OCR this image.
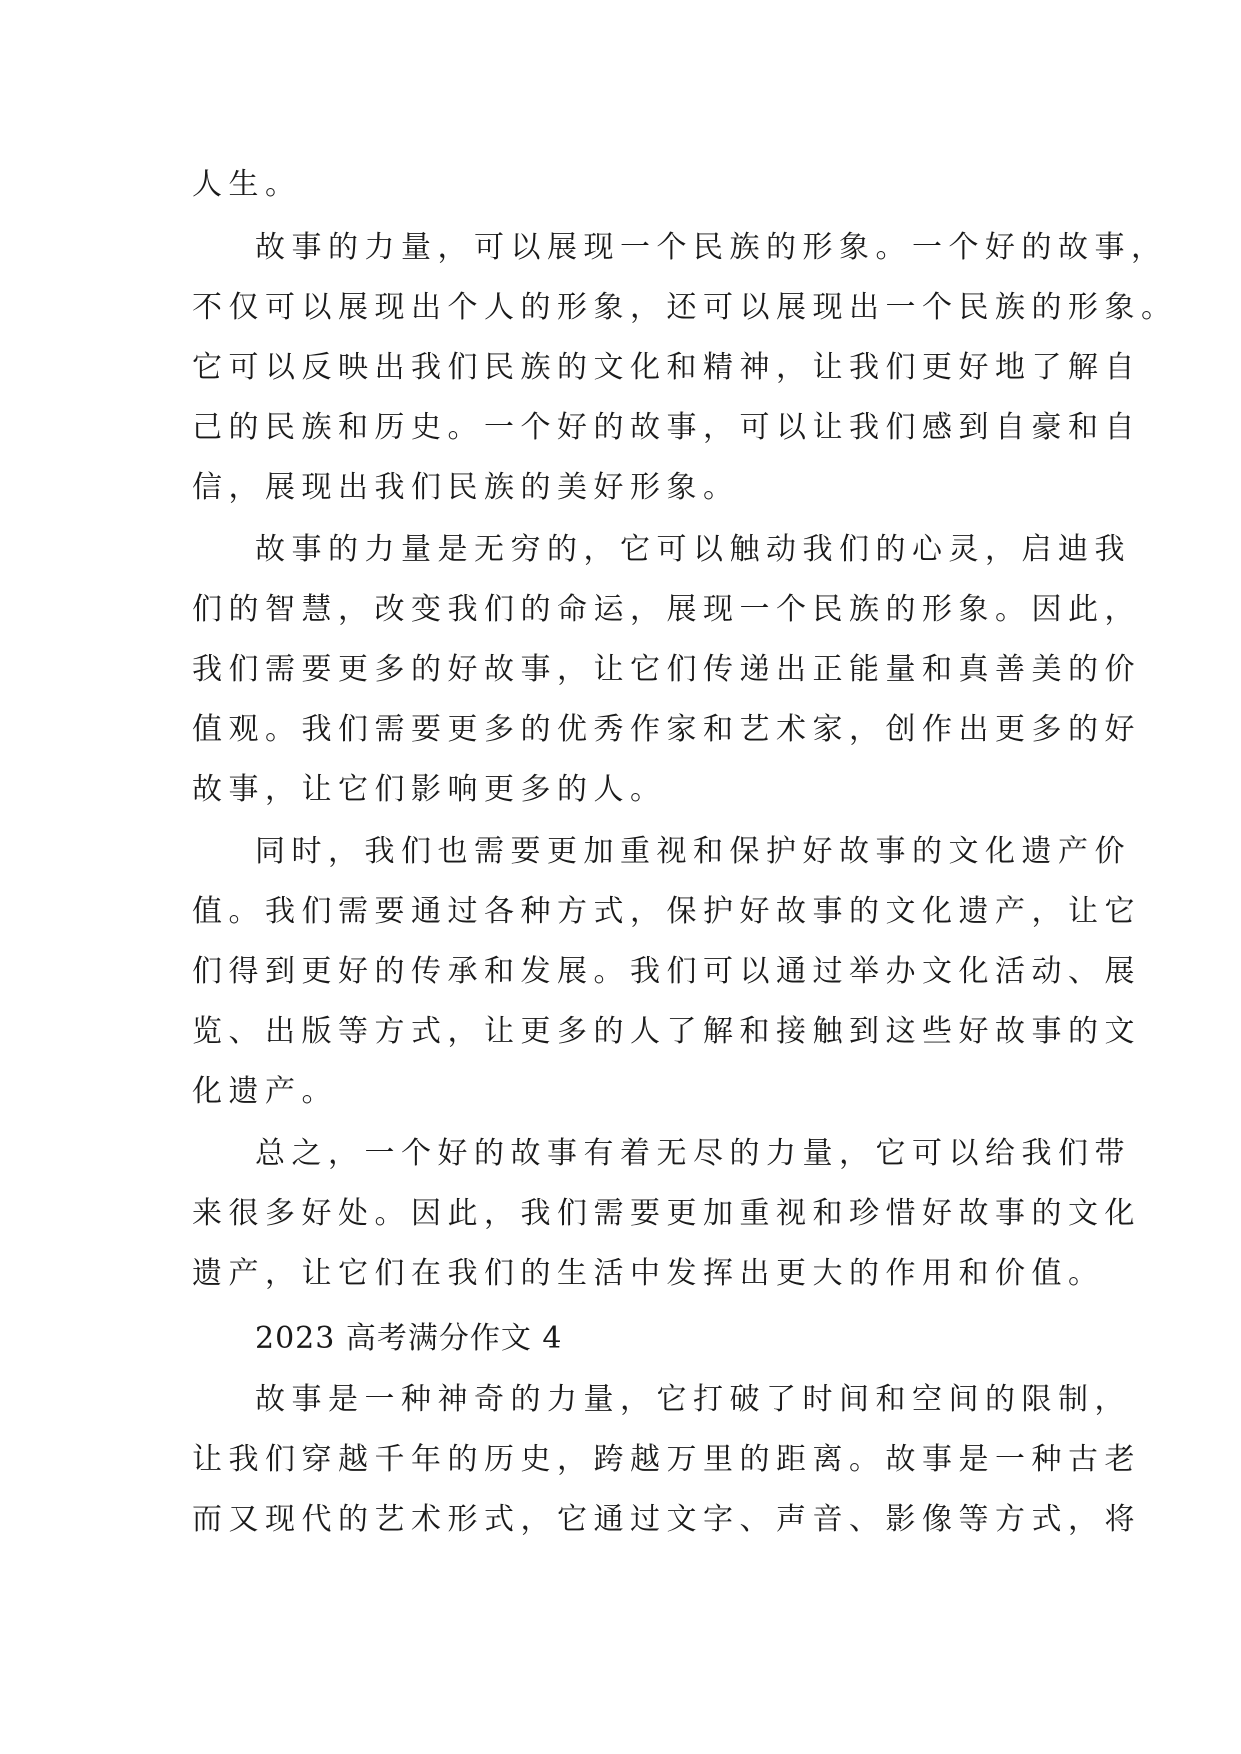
人生。
故事的力量，可以展现一个民族的形象。一个好的故事，
不仅可以展现出个人的形象，还可以展现出一个民族的形象。
它可以反映出我们民族的文化和精神，让我们更好地了解自
己的民族和历史。一个好的故事，可以让我们感到自豪和自
信，展现出我们民族的美好形象。
故事的力量是无穷的，它可以触动我们的心灵，启迪我
们的智慧，改变我们的命运，展现一个民族的形象。因此，
我们需要更多的好故事，让它们传递出正能量和真善美的价
值观。我们需要更多的优秀作家和艺术家，创作出更多的好
故事，让它们影响更多的人。
同时，我们也需要更加重视和保护好故事的文化遗产价
值。我们需要通过各种方式，保护好故事的文化遗产，让它
们得到更好的传承和发展。我们可以通过举办文化活动、展
览、出版等方式，让更多的人了解和接触到这些好故事的文
化遗产。
总之，一个好的故事有着无尽的力量，它可以给我们带
来很多好处。因此，我们需要更加重视和珍惜好故事的文化
遗产，让它们在我们的生活中发挥出更大的作用和价值。
2023 高考满分作文 4
故事是一种神奇的力量，它打破了时间和空间的限制，
让我们穿越千年的历史，跨越万里的距离。故事是一种古老
而又现代的艺术形式，它通过文字、声音、影像等方式，将
